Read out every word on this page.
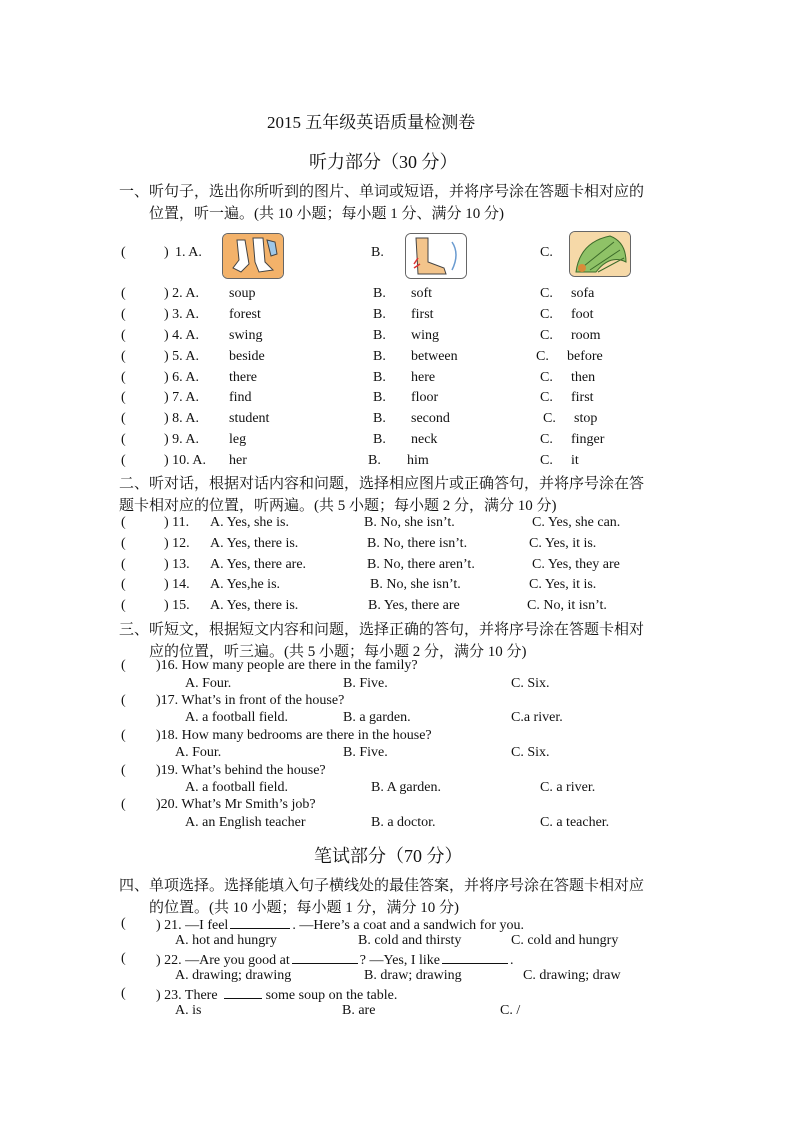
2015 五年级英语质量检测卷
听力部分（30 分）
一、听句子，选出你所听到的图片、单词或短语，并将序号涂在答题卡相对应的
位置，听一遍。(共 10 小题；每小题 1 分、满分 10 分)
(	) 1. A.	B.	C.
(	) 2. A. soup	B. soft	C. sofa
(	) 3. A. forest	B. first	C. foot
(	) 4. A. swing	B. wing	C. room
(	) 5. A. beside	B. between	C. before
(	) 6. A. there	B. here	C. then
(	) 7. A. find	B. floor	C. first
(	) 8. A. student	B. second	C. stop
(	) 9. A. leg	B. neck	C. finger
(	) 10. A. her	B. him	C. it
二、听对话，根据对话内容和问题，选择相应图片或正确答句，并将序号涂在答
题卡相对应的位置，听两遍。(共 5 小题；每小题 2 分，满分 10 分)
(	) 11. A. Yes, she is.	B. No, she isn’t.	C. Yes, she can.
(	) 12. A. Yes, there is.	B. No, there isn’t.	C. Yes, it is.
(	) 13. A. Yes, there are.	B. No, there aren’t.	C. Yes, they are
(	) 14. A. Yes,he is.	B. No, she isn’t.	C. Yes, it is.
(	) 15. A. Yes, there is.	B. Yes, there are	C. No, it isn’t.
三、听短文，根据短文内容和问题，选择正确的答句，并将序号涂在答题卡相对
应的位置，听三遍。(共 5 小题；每小题 2 分，满分 10 分)
( )16. How many people are there in the family?
A. Four.	B. Five.	C. Six.
( )17. What’s in front of the house?
A. a football field.	B. a garden.	C.a river.
( )18. How many bedrooms are there in the house?
A. Four.	B. Five.	C. Six.
( )19. What’s behind the house?
A. a football field.	B. A garden.	C. a river.
( )20. What’s Mr Smith’s job?
A. an English teacher	B. a doctor.	C. a teacher.
笔试部分（70 分）
四、单项选择。选择能填入句子横线处的最佳答案，并将序号涂在答题卡相对应
的位置。(共 10 小题；每小题 1 分，满分 10 分)
( ) 21. —I feel	. —Here’s a coat and a sandwich for you.
A. hot and hungry	B. cold and thirsty	C. cold and hungry
( ) 22. —Are you good at	? —Yes, I like	.
A. drawing; drawing	B. draw; drawing	C. drawing; draw
( ) 23. There	some soup on the table.
A. is	B. are	C. /
